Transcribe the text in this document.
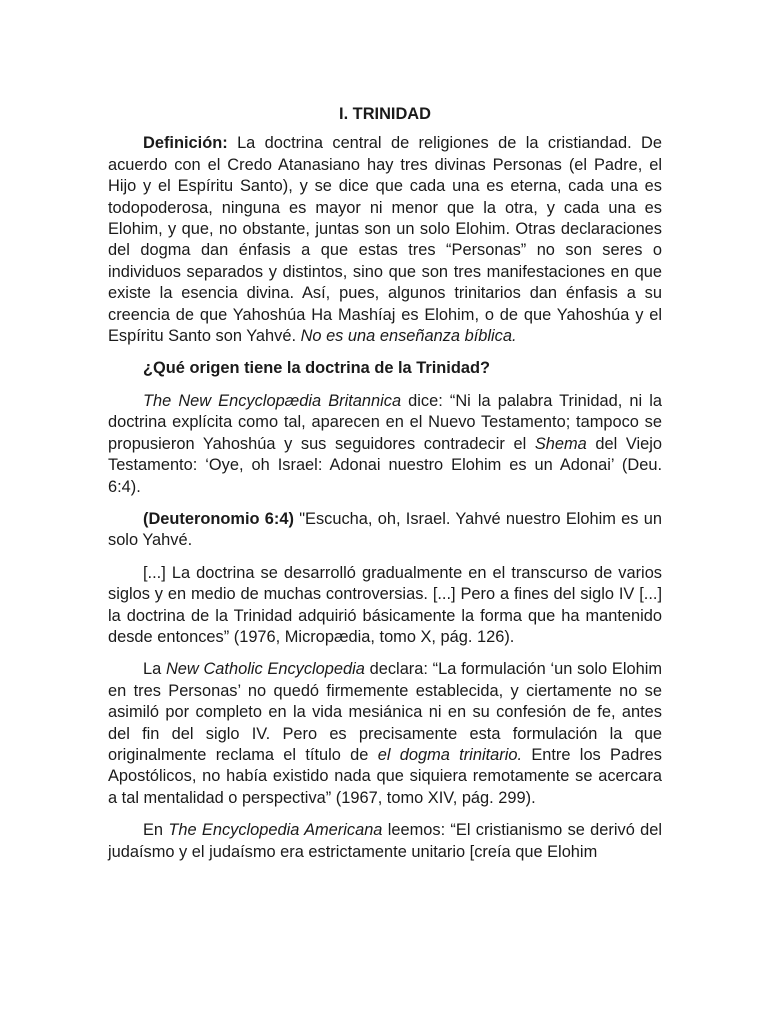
I. TRINIDAD

Definición: La doctrina central de religiones de la cristiandad. De acuerdo con el Credo Atanasiano hay tres divinas Personas (el Padre, el Hijo y el Espíritu Santo), y se dice que cada una es eterna, cada una es todopoderosa, ninguna es mayor ni menor que la otra, y cada una es Elohim, y que, no obstante, juntas son un solo Elohim. Otras declaraciones del dogma dan énfasis a que estas tres “Personas” no son seres o individuos separados y distintos, sino que son tres manifestaciones en que existe la esencia divina. Así, pues, algunos trinitarios dan énfasis a su creencia de que Yahoshúa Ha Mashíaj es Elohim, o de que Yahoshúa y el Espíritu Santo son Yahvé. No es una enseñanza bíblica.

¿Qué origen tiene la doctrina de la Trinidad?

The New Encyclopædia Britannica dice: “Ni la palabra Trinidad, ni la doctrina explícita como tal, aparecen en el Nuevo Testamento; tampoco se propusieron Yahoshúa y sus seguidores contradecir el Shema del Viejo Testamento: ‘Oye, oh Israel: Adonai nuestro Elohim es un Adonai’ (Deu. 6:4).

(Deuteronomio 6:4) "Escucha, oh, Israel. Yahvé nuestro Elohim es un solo Yahvé.

[...] La doctrina se desarrolló gradualmente en el transcurso de varios siglos y en medio de muchas controversias. [...] Pero a fines del siglo IV [...] la doctrina de la Trinidad adquirió básicamente la forma que ha mantenido desde entonces” (1976, Micropædia, tomo X, pág. 126).

La New Catholic Encyclopedia declara: “La formulación ‘un solo Elohim en tres Personas’ no quedó firmemente establecida, y ciertamente no se asimiló por completo en la vida mesiánica ni en su confesión de fe, antes del fin del siglo IV. Pero es precisamente esta formulación la que originalmente reclama el título de el dogma trinitario. Entre los Padres Apostólicos, no había existido nada que siquiera remotamente se acercara a tal mentalidad o perspectiva” (1967, tomo XIV, pág. 299).

En The Encyclopedia Americana leemos: “El cristianismo se derivó del judaísmo y el judaísmo era estrictamente unitario [creía que Elohim
